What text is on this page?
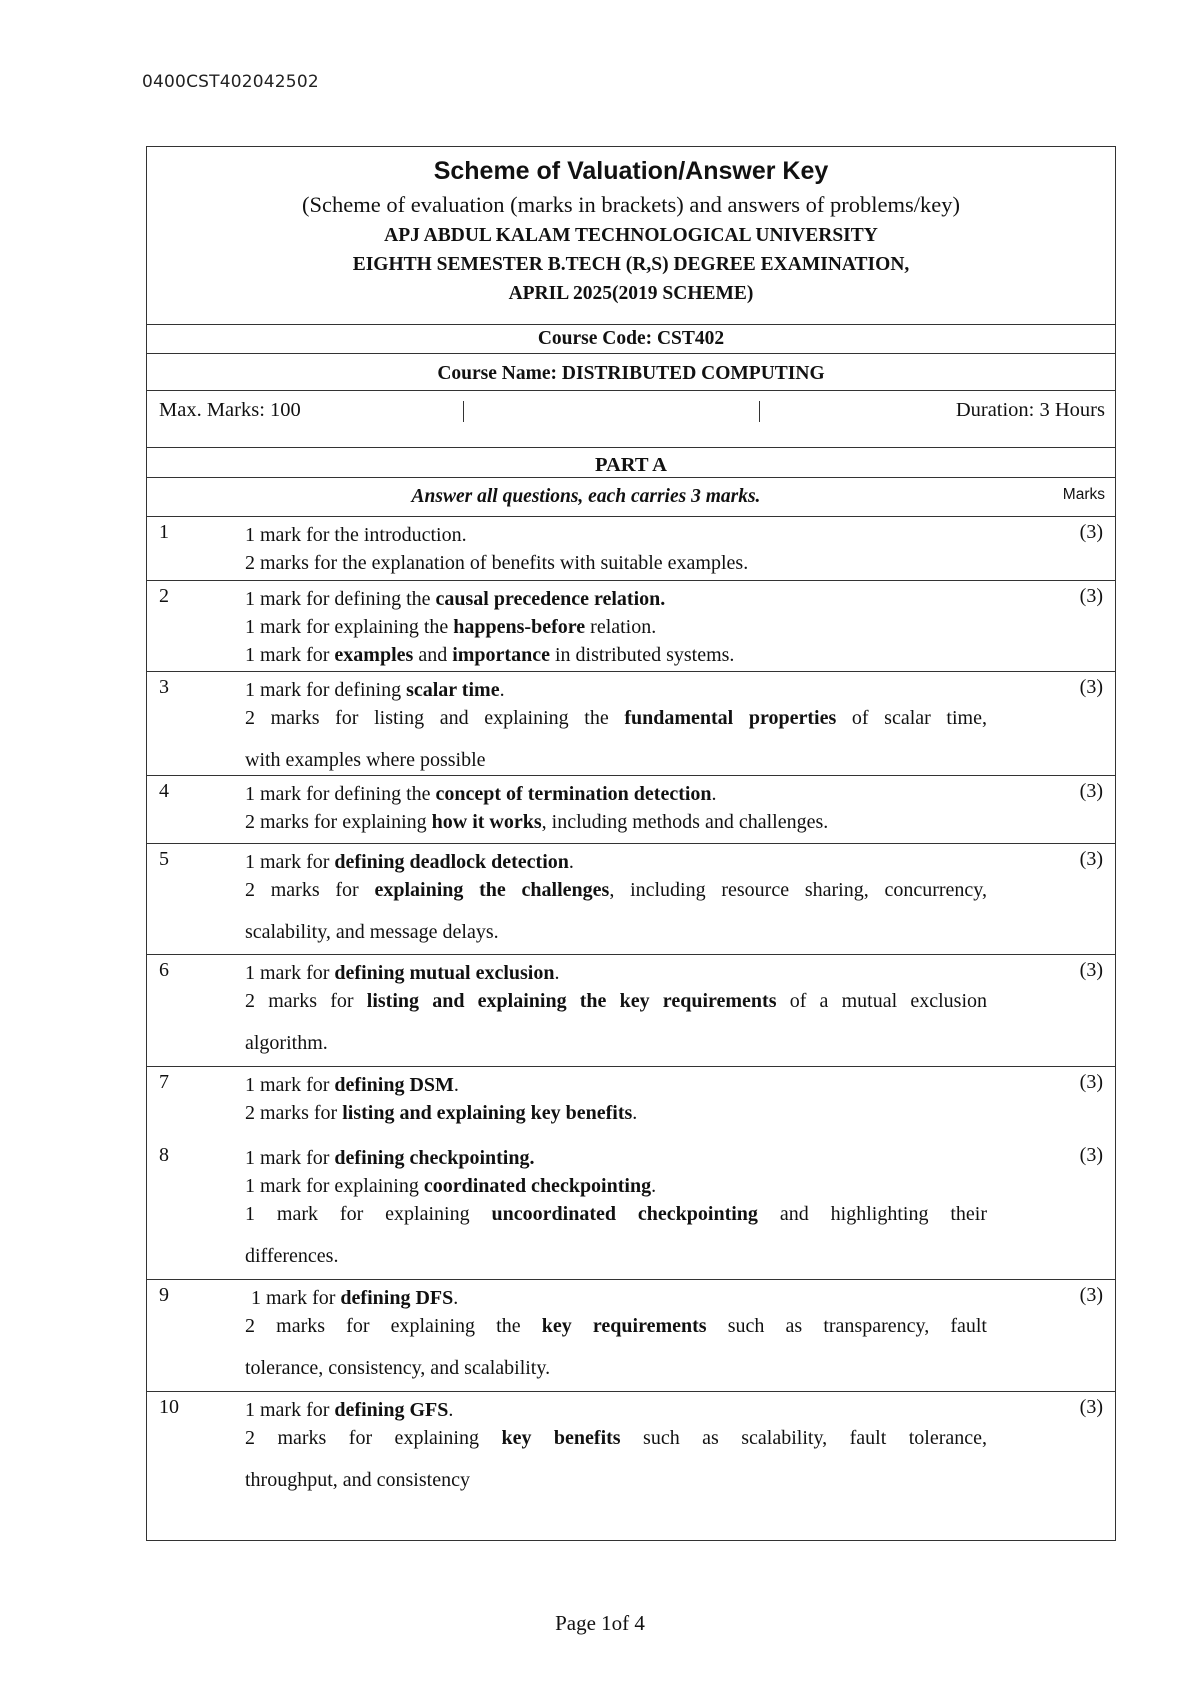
0400CST402042502
Scheme of Valuation/Answer Key
(Scheme of evaluation (marks in brackets) and answers of problems/key)
APJ ABDUL KALAM TECHNOLOGICAL UNIVERSITY
EIGHTH SEMESTER B.TECH (R,S) DEGREE EXAMINATION,
APRIL 2025(2019 SCHEME)
Course Code: CST402
Course Name: DISTRIBUTED COMPUTING
Max. Marks: 100	Duration: 3 Hours
PART A
Answer all questions, each carries 3 marks.	Marks
1	1 mark for the introduction.
2 marks for the explanation of benefits with suitable examples.
(3)
2	1 mark for defining the causal precedence relation.
1 mark for explaining the happens-before relation.
1 mark for examples and importance in distributed systems.
(3)
3	1 mark for defining scalar time.
2 marks for listing and explaining the fundamental properties of scalar time,
with examples where possible
(3)
4	1 mark for defining the concept of termination detection.
2 marks for explaining how it works, including methods and challenges.
(3)
5	1 mark for defining deadlock detection.
2 marks for explaining the challenges, including resource sharing, concurrency,
scalability, and message delays.
(3)
6	1 mark for defining mutual exclusion.
2 marks for listing and explaining the key requirements of a mutual exclusion
algorithm.
(3)
7	1 mark for defining DSM.
2 marks for listing and explaining key benefits.
(3)
8	1 mark for defining checkpointing.
1 mark for explaining coordinated checkpointing.
1 mark for explaining uncoordinated checkpointing and highlighting their
differences.
(3)
9	1 mark for defining DFS.
2 marks for explaining the key requirements such as transparency, fault
tolerance, consistency, and scalability.
(3)
10	1 mark for defining GFS.
2 marks for explaining key benefits such as scalability, fault tolerance,
throughput, and consistency
(3)
Page 1of 4
